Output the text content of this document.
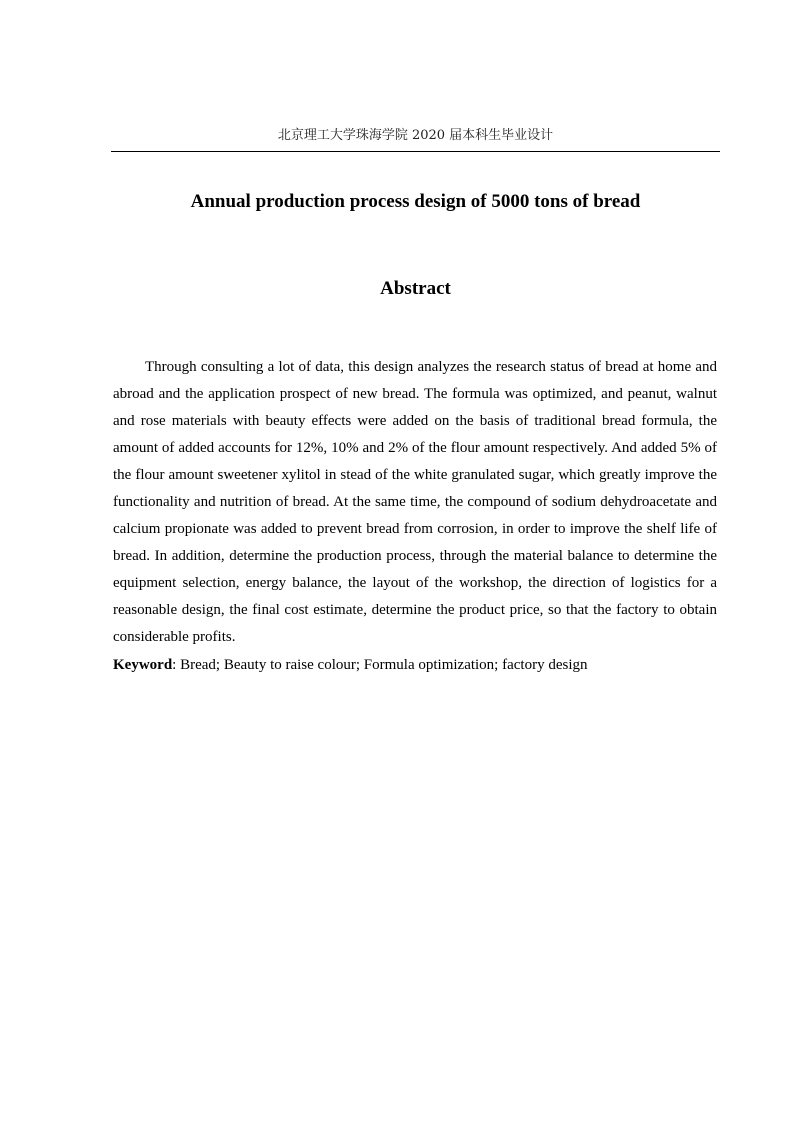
北京理工大学珠海学院 2020 届本科生毕业设计
Annual production process design of 5000 tons of bread
Abstract

Through consulting a lot of data, this design analyzes the research status of bread at home and abroad and the application prospect of new bread. The formula was optimized, and peanut, walnut and rose materials with beauty effects were added on the basis of traditional bread formula, the amount of added accounts for 12%, 10% and 2% of the flour amount respectively. And added 5% of the flour amount sweetener xylitol in stead of the white granulated sugar, which greatly improve the functionality and nutrition of bread. At the same time, the compound of sodium dehydroacetate and calcium propionate was added to prevent bread from corrosion, in order to improve the shelf life of bread. In addition, determine the production process, through the material balance to determine the equipment selection, energy balance, the layout of the workshop, the direction of logistics for a reasonable design, the final cost estimate, determine the product price, so that the factory to obtain considerable profits.

Keyword: Bread; Beauty to raise colour; Formula optimization; factory design
